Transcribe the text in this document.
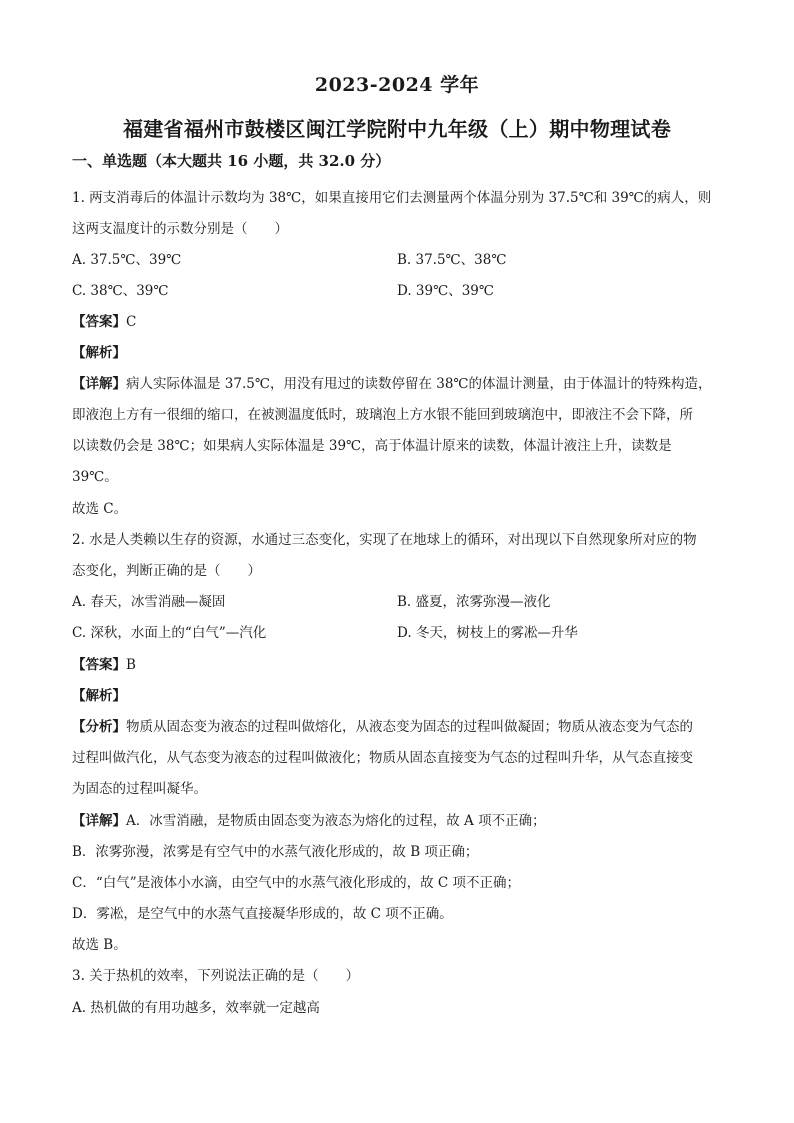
2023-2024 学年
福建省福州市鼓楼区闽江学院附中九年级（上）期中物理试卷
一、单选题（本大题共 16 小题，共 32.0 分）
1. 两支消毒后的体温计示数均为 38℃，如果直接用它们去测量两个体温分别为 37.5℃和 39℃的病人，则
这两支温度计的示数分别是（　　）
A. 37.5℃、39℃	B. 37.5℃、38℃
C. 38℃、39℃	D. 39℃、39℃
【答案】C
【解析】
【详解】病人实际体温是 37.5℃，用没有甩过的读数停留在 38℃的体温计测量，由于体温计的特殊构造，
即液泡上方有一很细的缩口，在被测温度低时，玻璃泡上方水银不能回到玻璃泡中，即液注不会下降，所
以读数仍会是 38℃；如果病人实际体温是 39℃，高于体温计原来的读数，体温计液注上升，读数是
39℃。
故选 C。
2. 水是人类赖以生存的资源，水通过三态变化，实现了在地球上的循环，对出现以下自然现象所对应的物
态变化，判断正确的是（　　）
A. 春天，冰雪消融—凝固	B. 盛夏，浓雾弥漫—液化
C. 深秋，水面上的“白气”—汽化	D. 冬天，树枝上的雾凇—升华
【答案】B
【解析】
【分析】物质从固态变为液态的过程叫做熔化，从液态变为固态的过程叫做凝固；物质从液态变为气态的
过程叫做汽化，从气态变为液态的过程叫做液化；物质从固态直接变为气态的过程叫升华，从气态直接变
为固态的过程叫凝华。
【详解】A．冰雪消融，是物质由固态变为液态为熔化的过程，故 A 项不正确；
B．浓雾弥漫，浓雾是有空气中的水蒸气液化形成的，故 B 项正确；
C．“白气”是液体小水滴，由空气中的水蒸气液化形成的，故 C 项不正确；
D．雾凇，是空气中的水蒸气直接凝华形成的，故 C 项不正确。
故选 B。
3. 关于热机的效率，下列说法正确的是（　　）
A. 热机做的有用功越多，效率就一定越高
